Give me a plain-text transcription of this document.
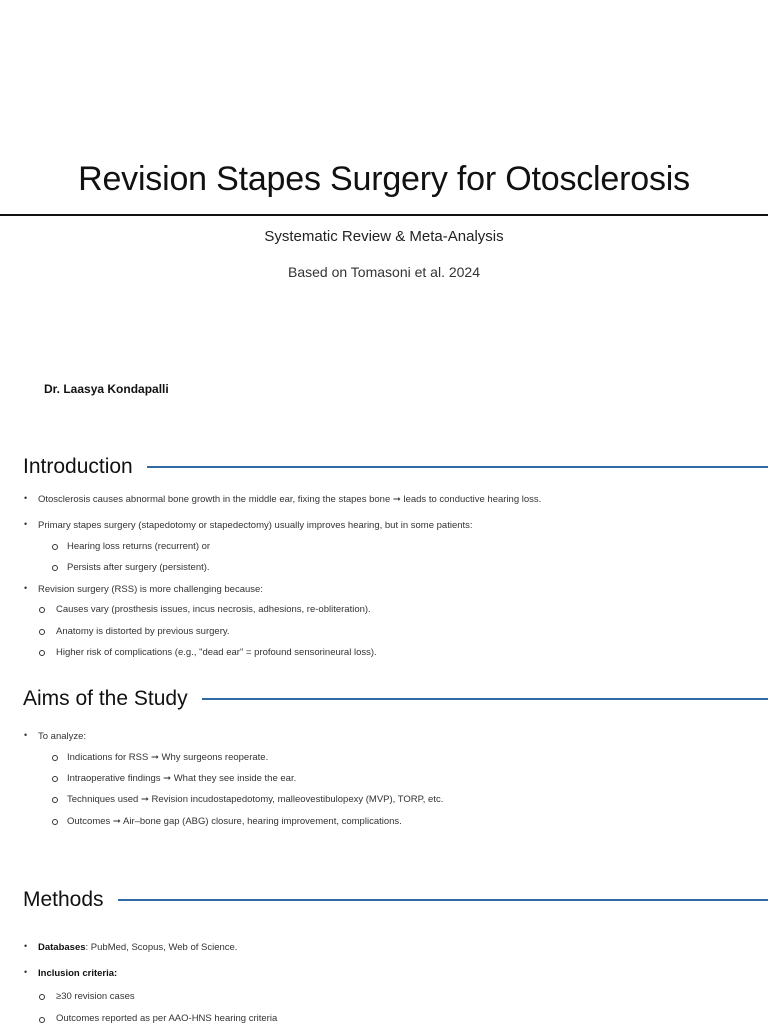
Revision Stapes Surgery for Otosclerosis
Systematic Review & Meta-Analysis
Based on Tomasoni et al. 2024
Dr. Laasya Kondapalli
Introduction
• Otosclerosis causes abnormal bone growth in the middle ear, fixing the stapes bone ➞ leads to conductive hearing loss.
• Primary stapes surgery (stapedotomy or stapedectomy) usually improves hearing, but in some patients:
Hearing loss returns (recurrent) or
Persists after surgery (persistent).
• Revision surgery (RSS) is more challenging because:
Causes vary (prosthesis issues, incus necrosis, adhesions, re-obliteration).
Anatomy is distorted by previous surgery.
Higher risk of complications (e.g., "dead ear" = profound sensorineural loss).
Aims of the Study
• To analyze:
Indications for RSS ➞ Why surgeons reoperate.
Intraoperative findings ➞ What they see inside the ear.
Techniques used ➞ Revision incudostapedotomy, malleovestibulopexy (MVP), TORP, etc.
Outcomes ➞ Air–bone gap (ABG) closure, hearing improvement, complications.
Methods
• Databases: PubMed, Scopus, Web of Science.
• Inclusion criteria:
≥30 revision cases
Outcomes reported as per AAO-HNS hearing criteria
